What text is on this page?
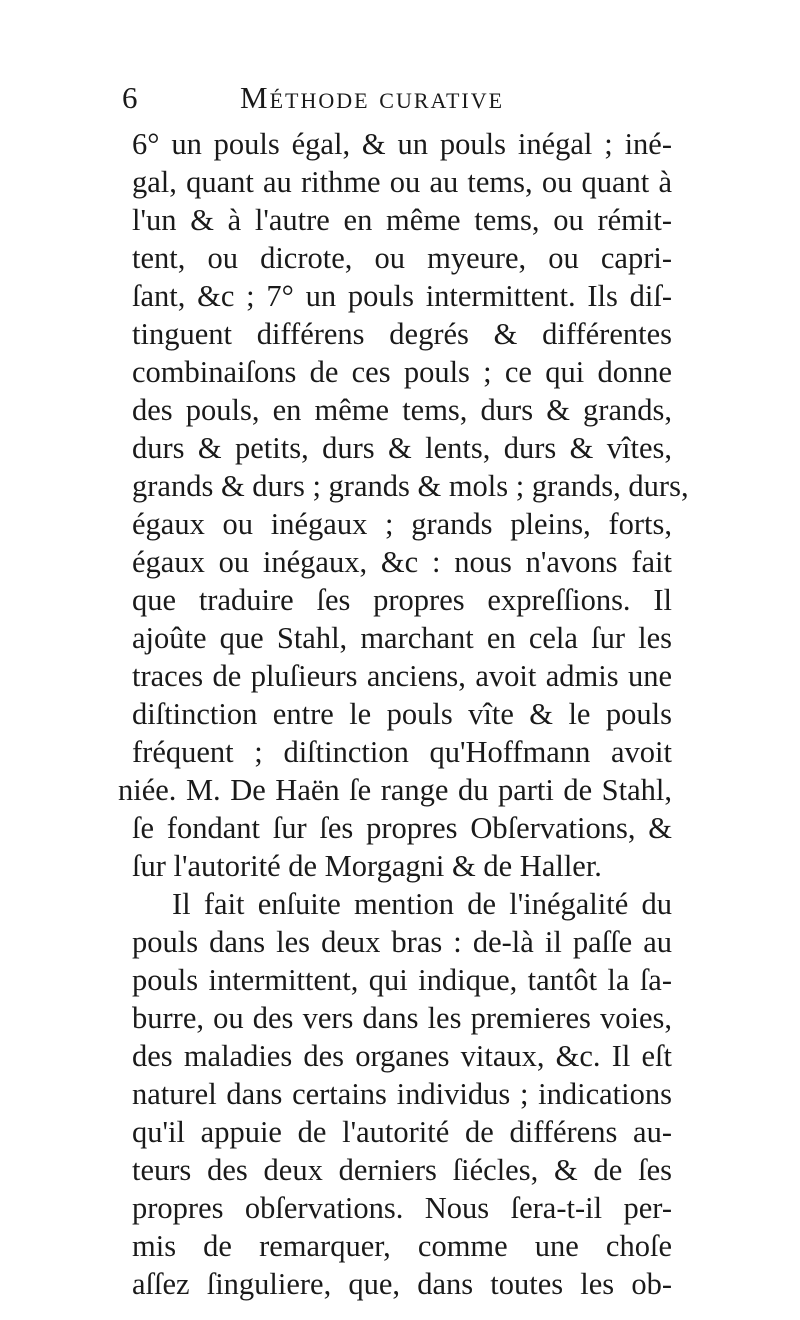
6	Méthode curative
6° un pouls égal, & un pouls inégal ; iné-
gal, quant au rithme ou au tems, ou quant à
l'un & à l'autre en même tems, ou rémit-
tent, ou dicrote, ou myeure, ou capri-
ſant, &c ; 7° un pouls intermittent. Ils diſ-
tinguent différens degrés & différentes
combinaiſons de ces pouls ; ce qui donne
des pouls, en même tems, durs & grands,
durs & petits, durs & lents, durs & vîtes,
grands & durs ; grands & mols ; grands, durs,
égaux ou inégaux ; grands pleins, forts,
égaux ou inégaux, &c : nous n'avons fait
que traduire ſes propres expreſſions. Il
ajoûte que Stahl, marchant en cela ſur les
traces de pluſieurs anciens, avoit admis une
diſtinction entre le pouls vîte & le pouls
fréquent ; diſtinction qu'Hoffmann avoit
niée. M. De Haën ſe range du parti de Stahl,
ſe fondant ſur ſes propres Obſervations, &
ſur l'autorité de Morgagni & de Haller.
Il fait enſuite mention de l'inégalité du
pouls dans les deux bras : de-là il paſſe au
pouls intermittent, qui indique, tantôt la ſa-
burre, ou des vers dans les premieres voies,
des maladies des organes vitaux, &c. Il eſt
naturel dans certains individus ; indications
qu'il appuie de l'autorité de différens au-
teurs des deux derniers ſiécles, & de ſes
propres obſervations. Nous ſera-t-il per-
mis de remarquer, comme une choſe
aſſez ſinguliere, que, dans toutes les ob-
